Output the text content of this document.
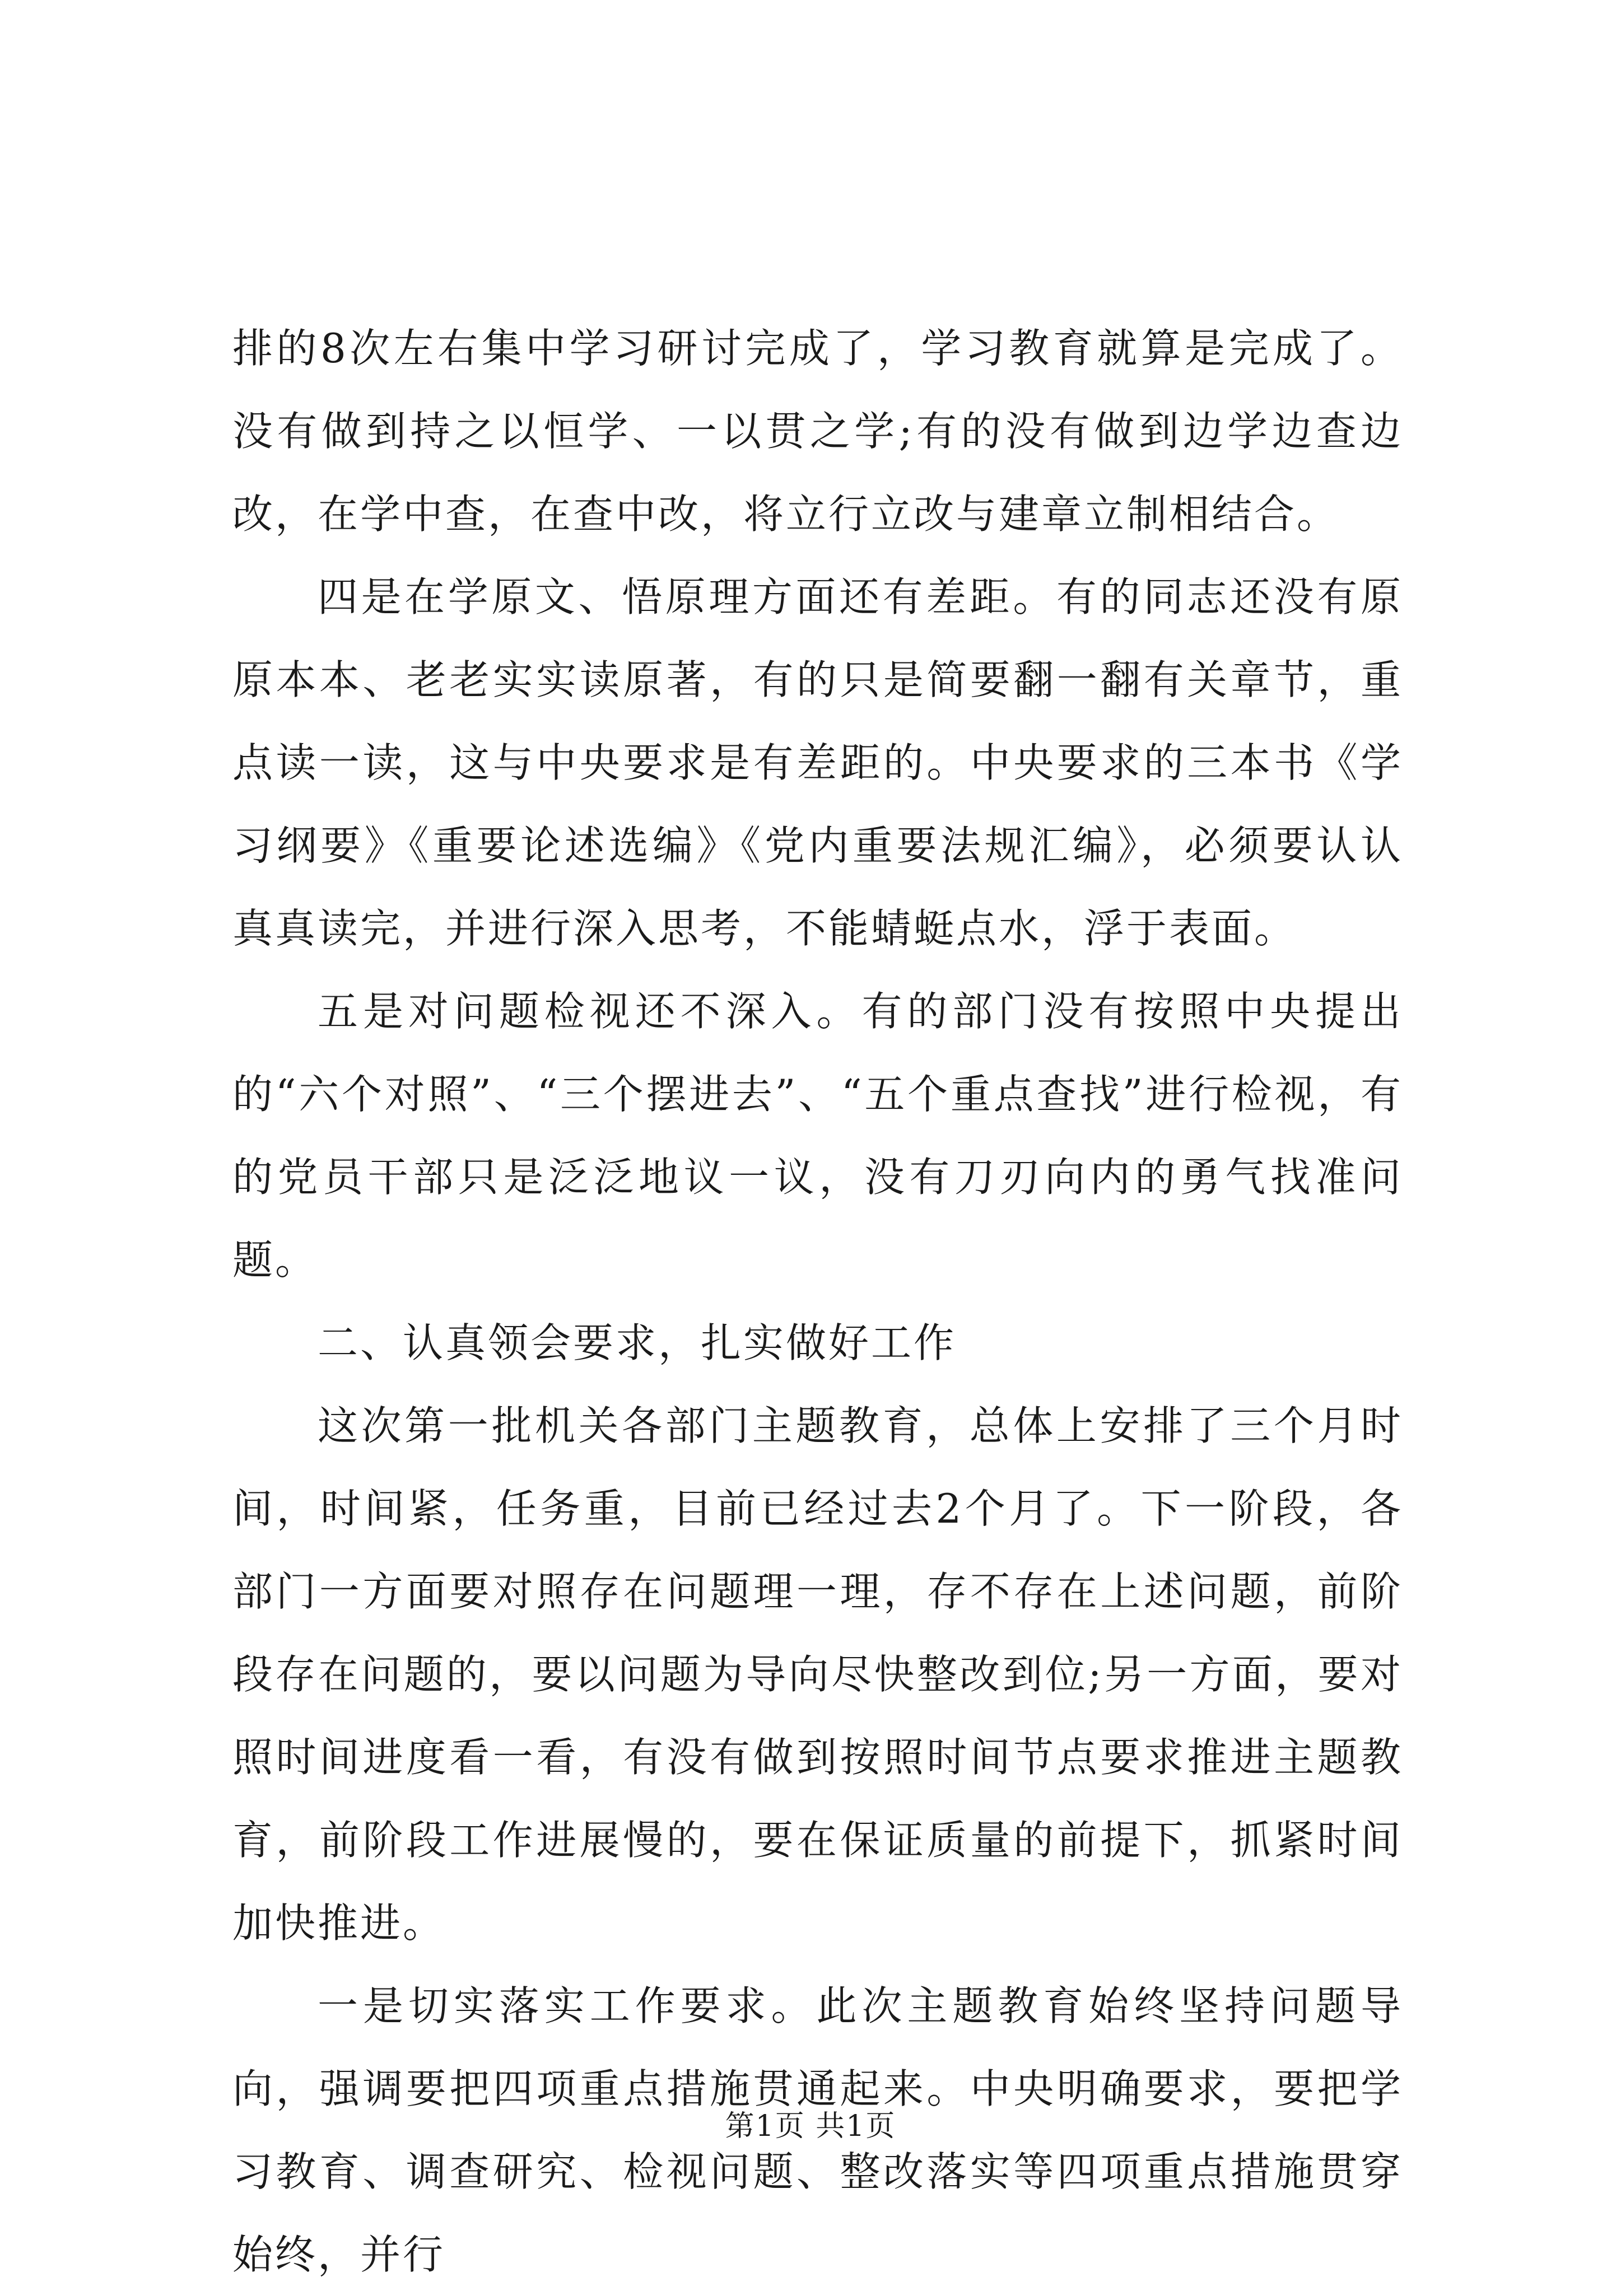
排的8次左右集中学习研讨完成了，学习教育就算是完成了。没有做到持之以恒学、一以贯之学;有的没有做到边学边查边改，在学中查，在查中改，将立行立改与建章立制相结合。

四是在学原文、悟原理方面还有差距。有的同志还没有原原本本、老老实实读原著，有的只是简要翻一翻有关章节，重点读一读，这与中央要求是有差距的。中央要求的三本书《学习纲要》《重要论述选编》《党内重要法规汇编》，必须要认认真真读完，并进行深入思考，不能蜻蜓点水，浮于表面。

五是对问题检视还不深入。有的部门没有按照中央提出的“六个对照”、“三个摆进去”、“五个重点查找”进行检视，有的党员干部只是泛泛地议一议，没有刀刃向内的勇气找准问题。

二、认真领会要求，扎实做好工作

这次第一批机关各部门主题教育，总体上安排了三个月时间，时间紧，任务重，目前已经过去2个月了。下一阶段，各部门一方面要对照存在问题理一理，存不存在上述问题，前阶段存在问题的，要以问题为导向尽快整改到位;另一方面，要对照时间进度看一看，有没有做到按照时间节点要求推进主题教育，前阶段工作进展慢的，要在保证质量的前提下，抓紧时间加快推进。

一是切实落实工作要求。此次主题教育始终坚持问题导向，强调要把四项重点措施贯通起来。中央明确要求，要把学习教育、调查研究、检视问题、整改落实等四项重点措施贯穿始终，并行

第1页 共1页
